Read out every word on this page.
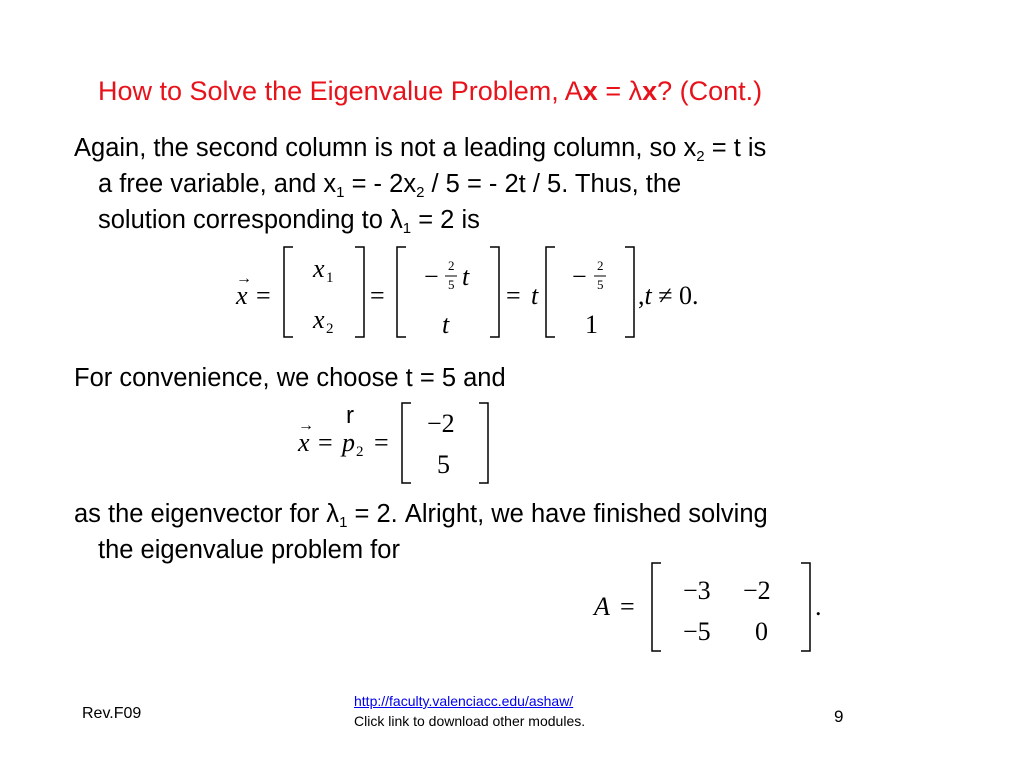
How to Solve the Eigenvalue Problem, Ax = λx? (Cont.)
Again, the second column is not a leading column, so $x_2 = t$ is
a free variable, and $x_1$ = - $2x_2 / 5$ = - 2t / 5. Thus, the
solution corresponding to $\lambda_1 = 2$ is
→
x =
x 1
x 2
=
− 2
5 t
t
= t
− 2
5
1
,t ≠ 0.
For convenience, we choose t = 5 and
r
→
x = p 2 =
−2
5
as the eigenvector for $\lambda_1 = 2$. Alright, we have finished solving
the eigenvalue problem for
A =
−3 −2
−5 0
.
Rev.F09
http://faculty.valenciacc.edu/ashaw/
Click link to download other modules.	9
